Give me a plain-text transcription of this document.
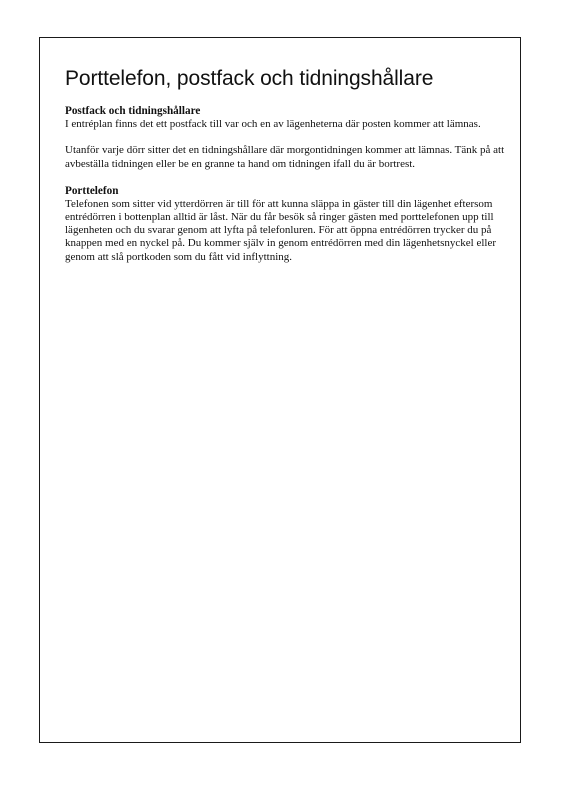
Porttelefon, postfack och tidningshållare
Postfack och tidningshållare

I entréplan finns det ett postfack till var och en av lägenheterna där posten kommer att lämnas.

Utanför varje dörr sitter det en tidningshållare där morgontidningen kommer att lämnas. Tänk på att avbeställa tidningen eller be en granne ta hand om tidningen ifall du är bortrest.

Porttelefon

Telefonen som sitter vid ytterdörren är till för att kunna släppa in gäster till din lägenhet eftersom entrédörren i bottenplan alltid är låst. När du får besök så ringer gästen med porttelefonen upp till lägenheten och du svarar genom att lyfta på telefonluren. För att öppna entrédörren trycker du på knappen med en nyckel på. Du kommer själv in genom entrédörren med din lägenhetsnyckel eller genom att slå portkoden som du fått vid inflyttning.
